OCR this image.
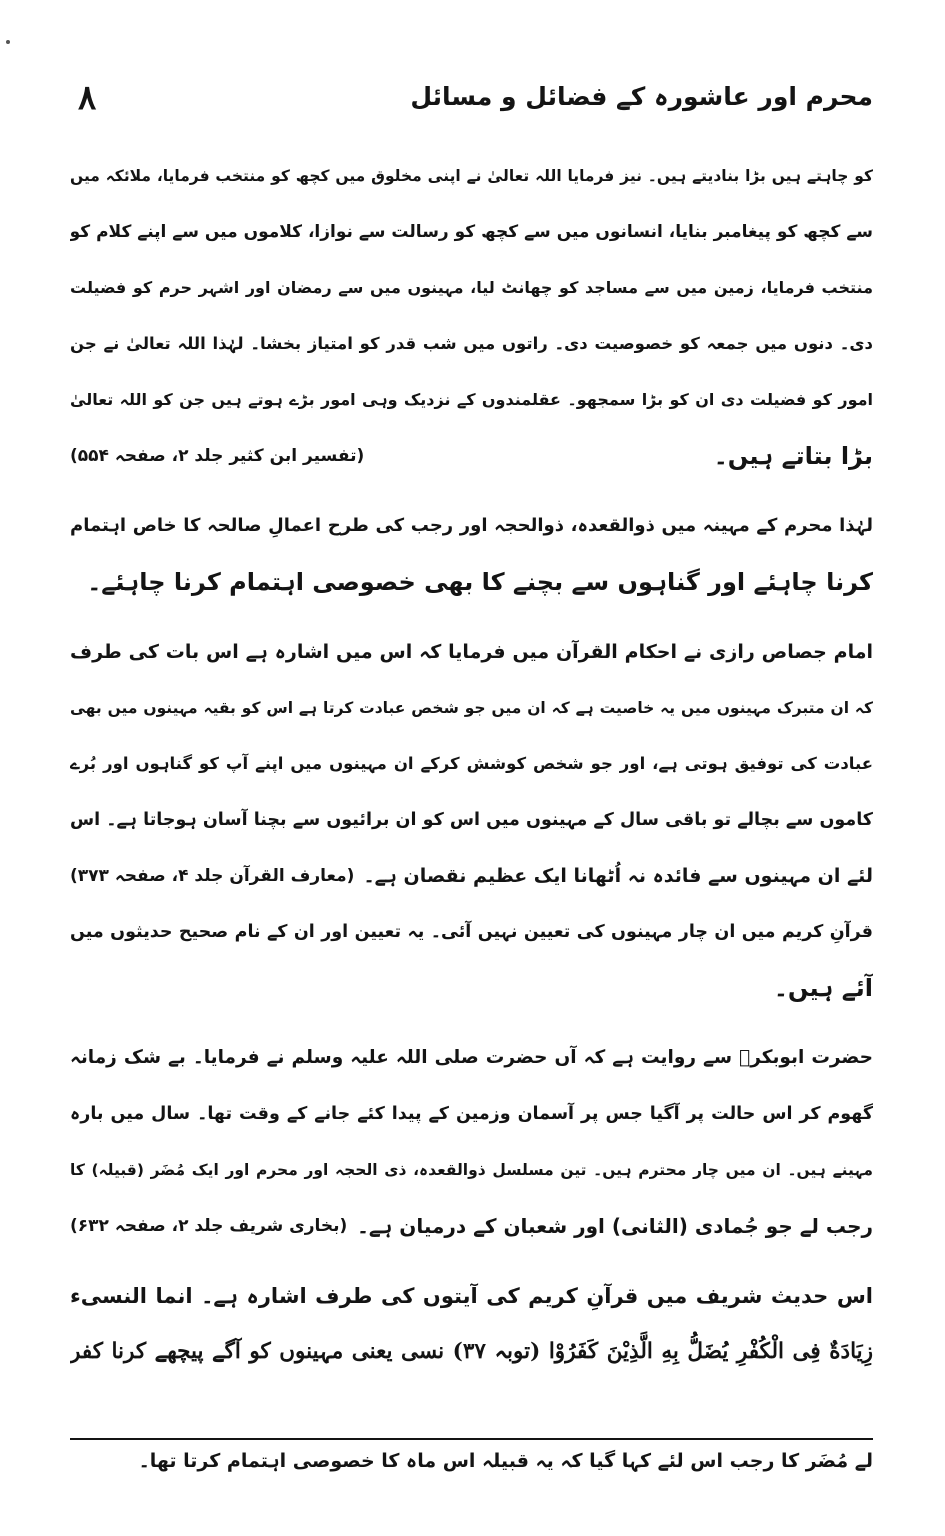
۸	محرم اور عاشورہ کے فضائل و مسائل
کو چاہتے ہیں بڑا بنادیتے ہیں۔ نیز فرمایا اللہ تعالیٰ نے اپنی مخلوق میں کچھ کو منتخب فرمایا، ملائکہ میں
سے کچھ کو پیغامبر بنایا، انسانوں میں سے کچھ کو رسالت سے نوازا، کلاموں میں سے اپنے کلام کو
منتخب فرمایا، زمین میں سے مساجد کو چھانٹ لیا، مہینوں میں سے رمضان اور اشہر حرم کو فضیلت
دی۔ دنوں میں جمعہ کو خصوصیت دی۔ راتوں میں شب قدر کو امتیاز بخشا۔ لہٰذا اللہ تعالیٰ نے جن
امور کو فضیلت دی ان کو بڑا سمجھو۔ عقلمندوں کے نزدیک وہی امور بڑے ہوتے ہیں جن کو اللہ تعالیٰ
بڑا بتاتے ہیں۔
(تفسیر ابن کثیر جلد ۲، صفحہ ۵۵۴)
لہٰذا محرم کے مہینہ میں ذوالقعدہ، ذوالحجہ اور رجب کی طرح اعمالِ صالحہ کا خاص اہتمام
کرنا چاہئے اور گناہوں سے بچنے کا بھی خصوصی اہتمام کرنا چاہئے۔
امام جصاص رازی نے احکام القرآن میں فرمایا کہ اس میں اشارہ ہے اس بات کی طرف
کہ ان متبرک مہینوں میں یہ خاصیت ہے کہ ان میں جو شخص عبادت کرتا ہے اس کو بقیہ مہینوں میں بھی
عبادت کی توفیق ہوتی ہے، اور جو شخص کوشش کرکے ان مہینوں میں اپنے آپ کو گناہوں اور بُرے
کاموں سے بچالے تو باقی سال کے مہینوں میں اس کو ان برائیوں سے بچنا آسان ہوجاتا ہے۔ اس
لئے ان مہینوں سے فائدہ نہ اُٹھانا ایک عظیم نقصان ہے۔
(معارف القرآن جلد ۴، صفحہ ۳۷۳)
قرآنِ کریم میں ان چار مہینوں کی تعیین نہیں آئی۔ یہ تعیین اور ان کے نام صحیح حدیثوں میں
آئے ہیں۔
حضرت ابوبکرؓ سے روایت ہے کہ آں حضرت صلی اللہ علیہ وسلم نے فرمایا۔ بے شک زمانہ
گھوم کر اس حالت پر آگیا جس پر آسمان وزمین کے پیدا کئے جانے کے وقت تھا۔ سال میں بارہ
مہینے ہیں۔ ان میں چار محترم ہیں۔ تین مسلسل ذوالقعدہ، ذی الحجہ اور محرم اور ایک مُضَر (قبیلہ) کا
رجب لے جو جُمادی (الثانی) اور شعبان کے درمیان ہے۔
(بخاری شریف جلد ۲، صفحہ ۶۳۲)
اس حدیث شریف میں قرآنِ کریم کی آیتوں کی طرف اشارہ ہے۔ انما النسیء
زِیَادَةٌ فِی الْکُفْرِ یُضَلُّ بِهِ الَّذِیْنَ کَفَرُوْا (توبہ ۳۷) نسی یعنی مہینوں کو آگے پیچھے کرنا کفر
لے مُضَر کا رجب اس لئے کہا گیا کہ یہ قبیلہ اس ماہ کا خصوصی اہتمام کرتا تھا۔
